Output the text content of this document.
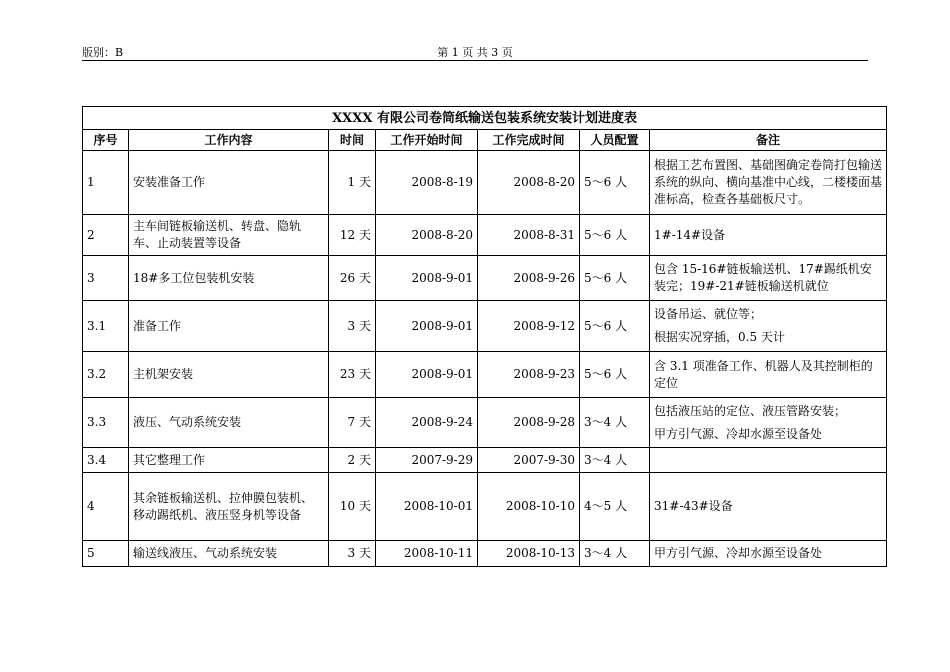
版别：B	第 1 页 共 3 页
XXXX 有限公司卷筒纸输送包装系统安装计划进度表						
序号	工作内容	时间	工作开始时间	工作完成时间	人员配置	备注
1	安装准备工作	1 天	2008-8-19	2008-8-20	5～6 人	根据工艺布置图、基础图确定卷筒打包输送系统的纵向、横向基准中心线，二楼楼面基准标高，检查各基础板尺寸。

2	主车间链板输送机、转盘、隐轨车、止动装置等设备	12 天	2008-8-20	2008-8-31	5～6 人	1#-14#设备

3	18#多工位包装机安装	26 天	2008-9-01	2008-9-26	5～6 人	包含 15-16#链板输送机、17#踢纸机安装完；19#-21#链板输送机就位

3.1	准备工作	3 天	2008-9-01	2008-9-12	5～6 人	设备吊运、就位等；
根据实况穿插，0.5 天计

3.2	主机架安装	23 天	2008-9-01	2008-9-23	5～6 人	含 3.1 项准备工作、机器人及其控制柜的定位

3.3	液压、气动系统安装	7 天	2008-9-24	2008-9-28	3～4 人	包括液压站的定位、液压管路安装；
甲方引气源、冷却水源至设备处

3.4	其它整理工作	2 天	2007-9-29	2007-9-30	3～4 人	
4	其余链板输送机、拉伸膜包装机、移动踢纸机、液压竖身机等设备	10 天	2008-10-01	2008-10-10	4～5 人	31#-43#设备

5	输送线液压、气动系统安装	3 天	2008-10-11	2008-10-13	3～4 人	甲方引气源、冷却水源至设备处
